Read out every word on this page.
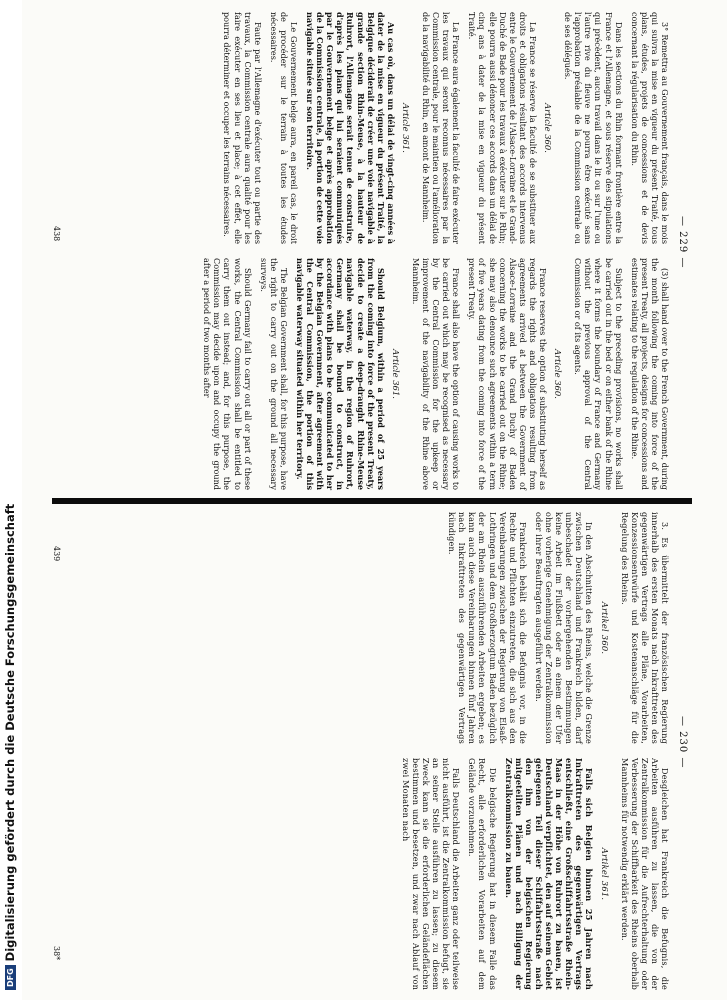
— 229 —

3° Remettra au Gouvernement français, dans le mois qui suivra la mise en vigueur du présent Traité, tous plans, études, projets de concessions et de devis concernant la régularisation du Rhin.

Dans les sections du Rhin formant frontière entre la France et l'Allemagne, et sous réserve des stipulations qui précèdent, aucun travail dans le lit ou sur l'une ou l'autre rive du fleuve ne pourra être exécuté sans l'approbation préalable de la Commission centrale ou de ses délégués.

Article 360.

La France se réserve la faculté de se substituer aux droits et obligations résultant des accords intervenus entre le Gouvernement de l'Alsace-Lorraine et le Grand-Duché de Bade pour les travaux à exécuter sur le Rhin; elle pourra aussi dénoncer ces accords dans un délai de cinq ans à dater de la mise en vigueur du présent Traité.

La France aura également la faculté de faire exécuter les travaux qui seront reconnus nécessaires par la Commission centrale, pour le maintien ou l'amélioration de la navigabilité du Rhin, en amont de Mannheim.

Article 361.

Au cas où, dans un délai de vingt-cinq années à dater de la mise en vigueur du présent Traité, la Belgique déciderait de créer une voie navigable à grande section Rhin-Meuse, à la hauteur de Ruhrort, l'Allemagne serait tenue de construire, d'après les plans qui lui seraient communiqués par le Gouvernement belge et après approbation de la Commission centrale, la portion de cette voie navigable située sur son territoire.

Le Gouvernement belge aura, en pareil cas, le droit de procéder sur le terrain à toutes les études nécessaires.

Faute par l'Allemagne d'exécuter tout ou partie des travaux, la Commission centrale aura qualité pour les faire exécuter en ses lieu et place; à cet effet, elle pourra déterminer et occuper les terrains nécessaires.

(3) shall hand over to the French Government, during the month following the coming into force of the present Treaty, all projects, designs for concessions and estimates relating to the regulation of the Rhine.

Subject to the preceding provisions, no works shall be carried out in the bed or on either bank of the Rhine where it forms the boundary of France and Germany without the previous approval of the Central Commission or of its agents.

Article 360.

France reserves the option of substituting herself as regards the rights and obligations resulting from agreements arrived at between the Government of Alsace-Lorraine and the Grand Duchy of Baden concerning the works to be carried out on the Rhine; she may also denounce such agreements within a term of five years dating from the coming into force of the present Treaty.

France shall also have the option of causing works to be carried out which may be recognised as necessary by the Central Commission for the upkeep or improvement of the navigability of the Rhine above Mannheim.

Article 361.

Should Belgium, within a period of 25 years from the coming into force of the present Treaty, decide to create a deep-draught Rhine-Meuse navigable waterway, in the region of Ruhrort, Germany shall be bound to construct, in accordance with plans to be communicated to her by the Belgian Government, after agreement with the Central Commission, the portion of this navigable waterway situated within her territory.

The Belgian Government shall, for this purpose, have the right to carry out on the ground all necessary surveys.

Should Germany fail to carry out all or part of these works, the Central Commission shall be entitled to carry them out instead; and, for this purpose, the Commission may decide upon and occupy the ground after a period of two months after

438
— 230 —

3. Es übermittelt der französischen Regierung innerhalb des ersten Monats nach Inkrafttreten des gegenwärtigen Vertrags alle Pläne, Vorarbeiten, Konzessionsentwürfe und Kostenanschläge für die Regelung des Rheins.

Artikel 360.

In den Abschnitten des Rheins, welche die Grenze zwischen Deutschland und Frankreich bilden, darf unbeschadet der vorhergehenden Bestimmungen keine Arbeit im Flußbett oder an einem der Ufer ohne vorherige Genehmigung der Zentralkommission oder ihrer Beauftragten ausgeführt werden.

Frankreich behält sich die Befugnis vor, in die Rechte und Pflichten einzutreten, die sich aus den Vereinbarungen zwischen der Regierung von Elsaß-Lothringen und dem Großherzogtum Baden bezüglich der am Rhein auszuführenden Arbeiten ergeben; es kann auch diese Vereinbarungen binnen fünf Jahren nach Inkrafttreten des gegenwärtigen Vertrags kündigen.

Desgleichen hat Frankreich die Befugnis, die Arbeiten ausführen zu lassen, die von der Zentralkommission für die Aufrechterhaltung oder Verbesserung der Schiffbarkeit des Rheins oberhalb Mannheims für notwendig erklärt werden.

Artikel 361.

Falls sich Belgien binnen 25 Jahren nach Inkrafttreten des gegenwärtigen Vertrags entschließt, eine Großschiffahrtsstraße Rhein-Maas in der Höhe von Ruhrort zu bauen, ist Deutschland verpflichtet, den auf seinem Gebiet gelegenen Teil dieser Schiffahrtsstraße nach den ihm von der belgischen Regierung mitgeteilten Plänen und nach Billigung der Zentralkommission zu bauen.

Die belgische Regierung hat in diesem Falle das Recht, alle erforderlichen Vorarbeiten auf dem Gelände vorzunehmen.

Falls Deutschland die Arbeiten ganz oder teilweise nicht ausführt, ist die Zentralkommission befugt, sie an seiner Stelle ausführen zu lassen; zu diesem Zweck kann sie die erforderlichen Geländeflächen bestimmen und besetzen, und zwar nach Ablauf von zwei Monaten nach

439
38*
DFGDigitalisierung gefördert durch die Deutsche Forschungsgemeinschaft
